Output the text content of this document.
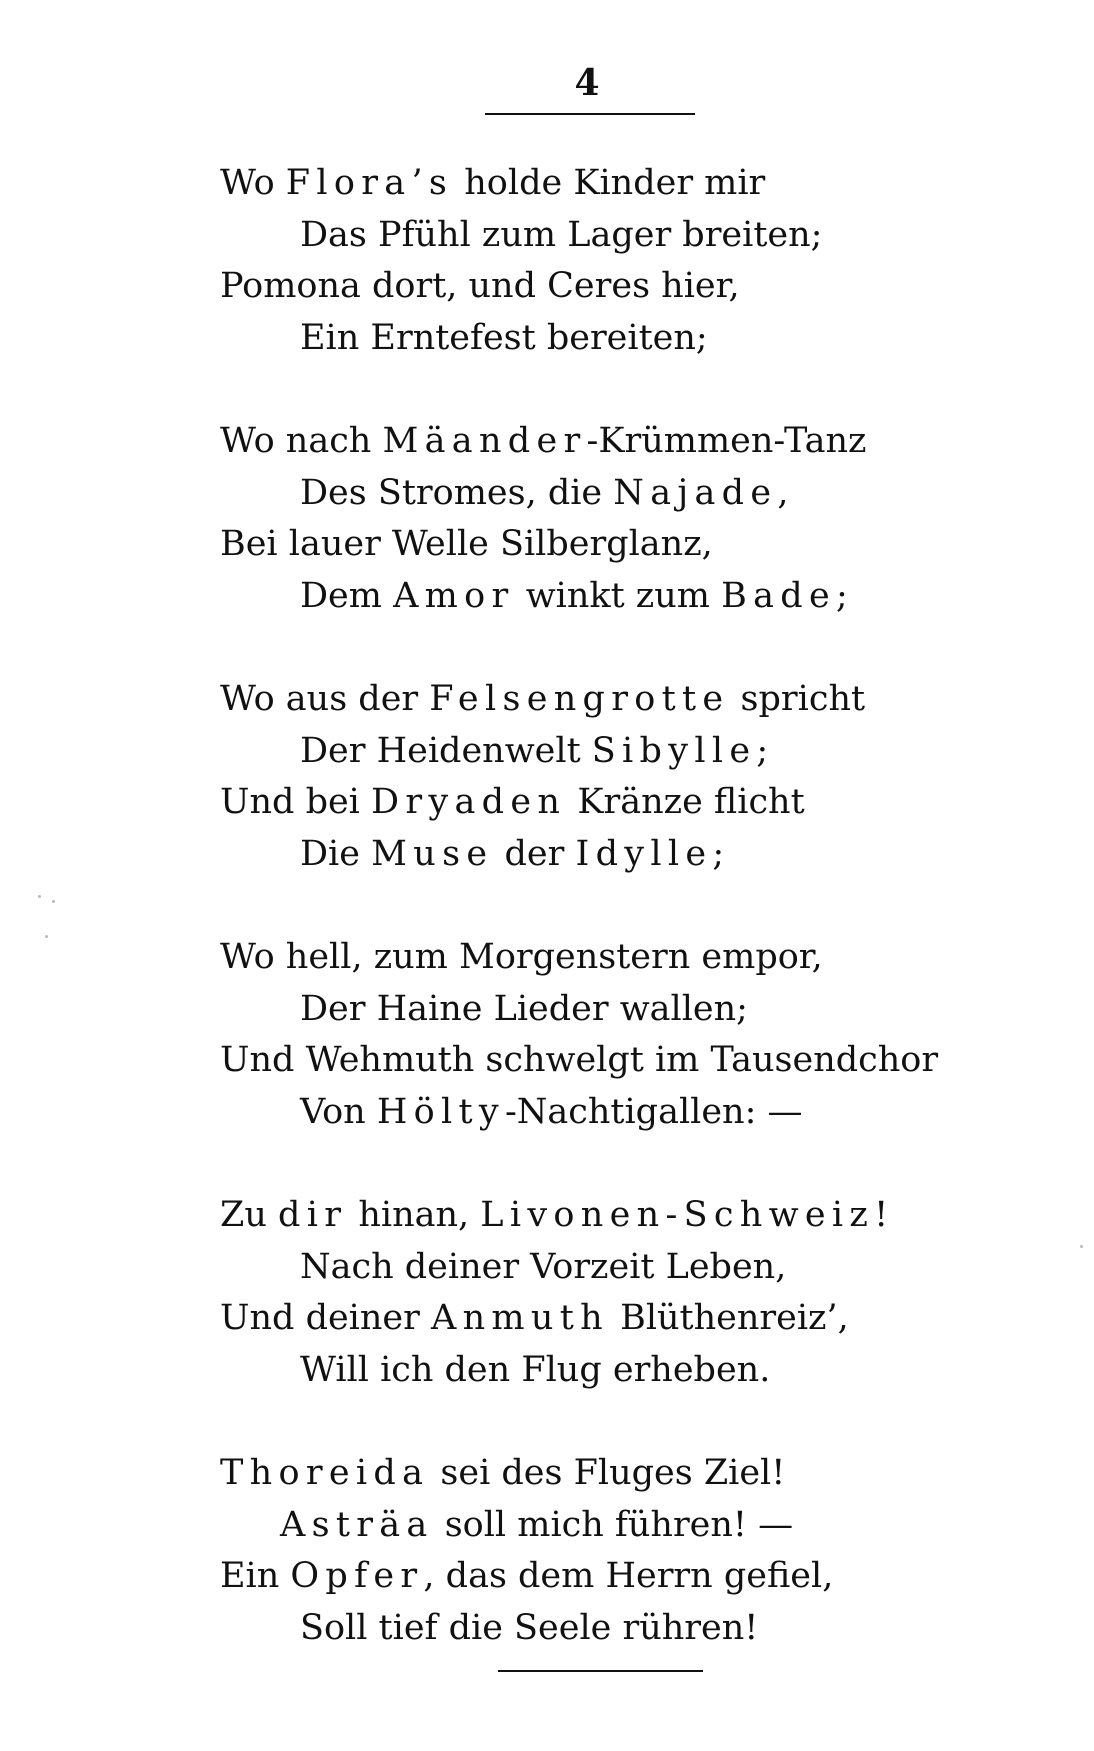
4
Wo Flora’s holde Kinder mir
Das Pfühl zum Lager breiten;
Pomona dort, und Ceres hier,
Ein Erntefest bereiten;
Wo nach Mäander-Krümmen-Tanz
Des Stromes, die Najade,
Bei lauer Welle Silberglanz,
Dem Amor winkt zum Bade;
Wo aus der Felsengrotte spricht
Der Heidenwelt Sibylle;
Und bei Dryaden Kränze flicht
Die Muse der Idylle;
Wo hell, zum Morgenstern empor,
Der Haine Lieder wallen;
Und Wehmuth schwelgt im Tausendchor
Von Hölty-Nachtigallen: —
Zu dir hinan, Livonen-Schweiz!
Nach deiner Vorzeit Leben,
Und deiner Anmuth Blüthenreiz’,
Will ich den Flug erheben.
Thoreida sei des Fluges Ziel!
Asträa soll mich führen! —
Ein Opfer, das dem Herrn gefiel,
Soll tief die Seele rühren!
